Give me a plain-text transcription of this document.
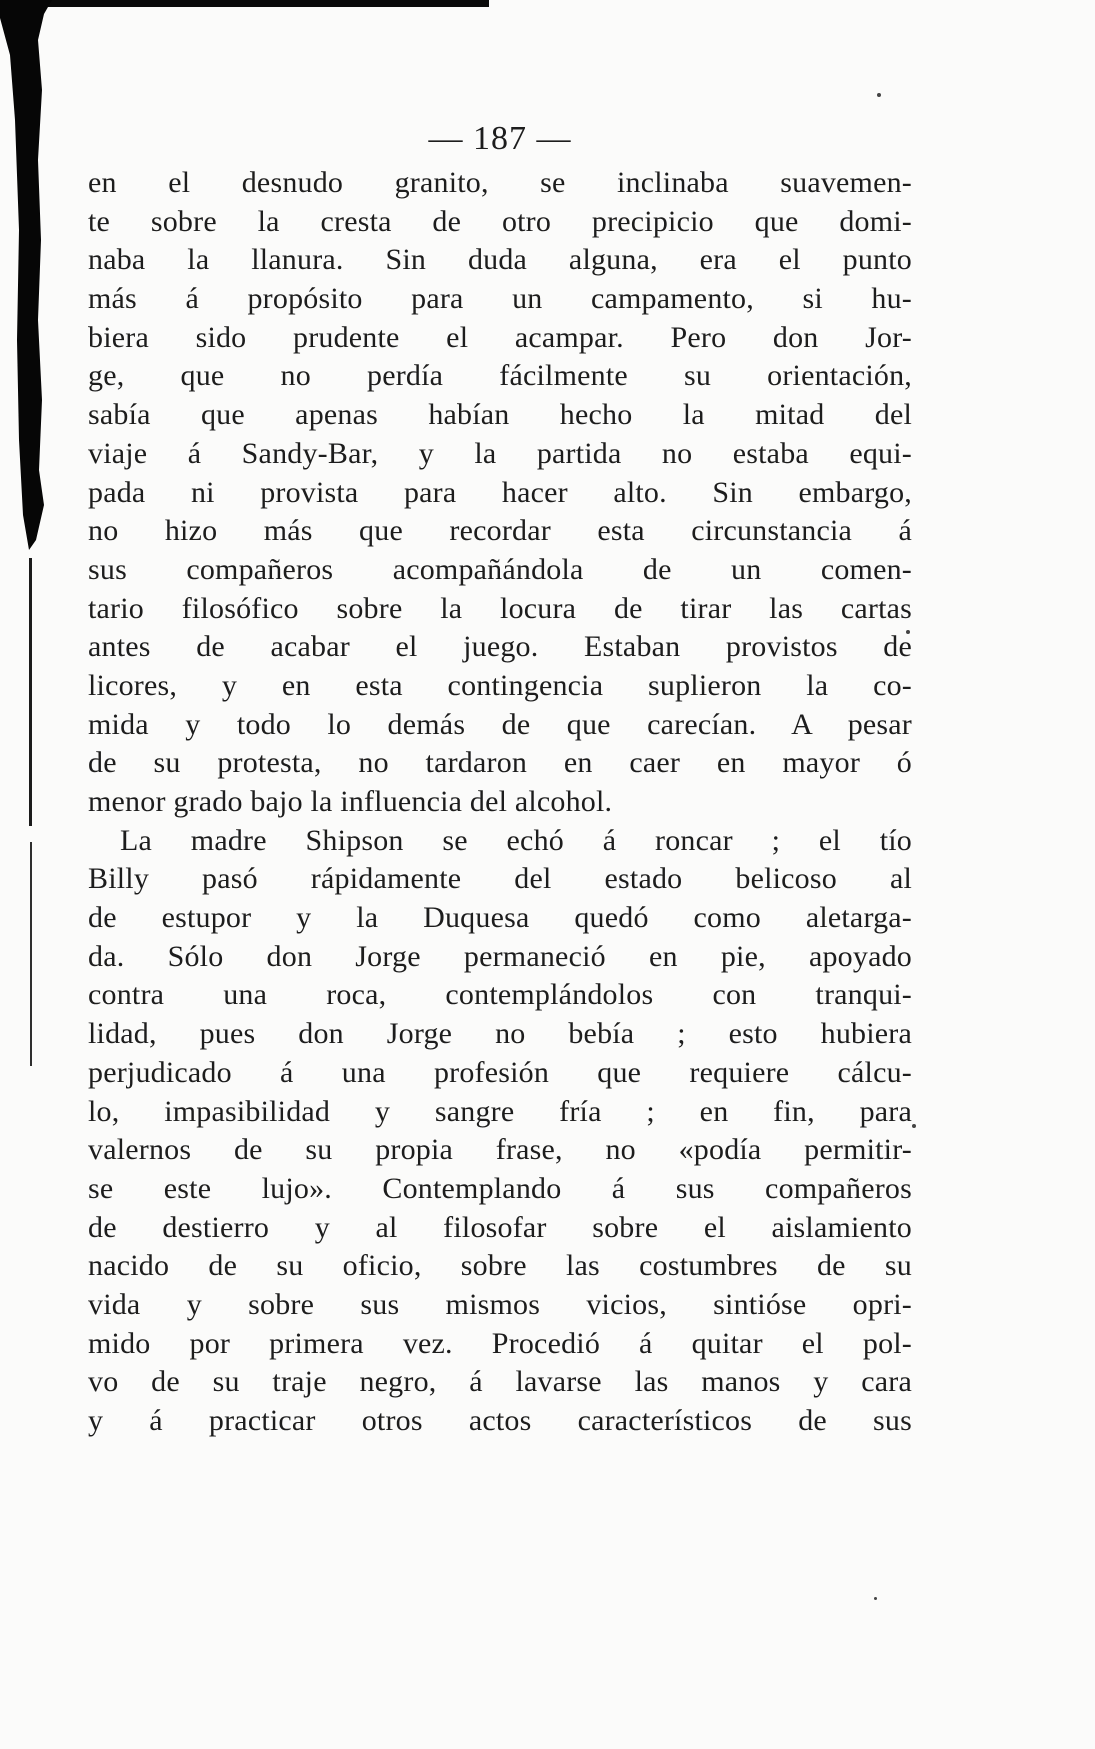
— 187 —
en el desnudo granito, se inclinaba suavemen-
te sobre la cresta de otro precipicio que domi-
naba la llanura. Sin duda alguna, era el punto
más á propósito para un campamento, si hu-
biera sido prudente el acampar. Pero don Jor-
ge, que no perdía fácilmente su orientación,
sabía que apenas habían hecho la mitad del
viaje á Sandy-Bar, y la partida no estaba equi-
pada ni provista para hacer alto. Sin embargo,
no hizo más que recordar esta circunstancia á
sus compañeros acompañándola de un comen-
tario filosófico sobre la locura de tirar las cartas
antes de acabar el juego. Estaban provistos de
licores, y en esta contingencia suplieron la co-
mida y todo lo demás de que carecían. A pesar
de su protesta, no tardaron en caer en mayor ó
menor grado bajo la influencia del alcohol.
La madre Shipson se echó á roncar ; el tío
Billy pasó rápidamente del estado belicoso al
de estupor y la Duquesa quedó como aletarga-
da. Sólo don Jorge permaneció en pie, apoyado
contra una roca, contemplándolos con tranqui-
lidad, pues don Jorge no bebía ; esto hubiera
perjudicado á una profesión que requiere cálcu-
lo, impasibilidad y sangre fría ; en fin, para
valernos de su propia frase, no «podía permitir-
se este lujo». Contemplando á sus compañeros
de destierro y al filosofar sobre el aislamiento
nacido de su oficio, sobre las costumbres de su
vida y sobre sus mismos vicios, sintióse opri-
mido por primera vez. Procedió á quitar el pol-
vo de su traje negro, á lavarse las manos y cara
y á practicar otros actos característicos de sus
